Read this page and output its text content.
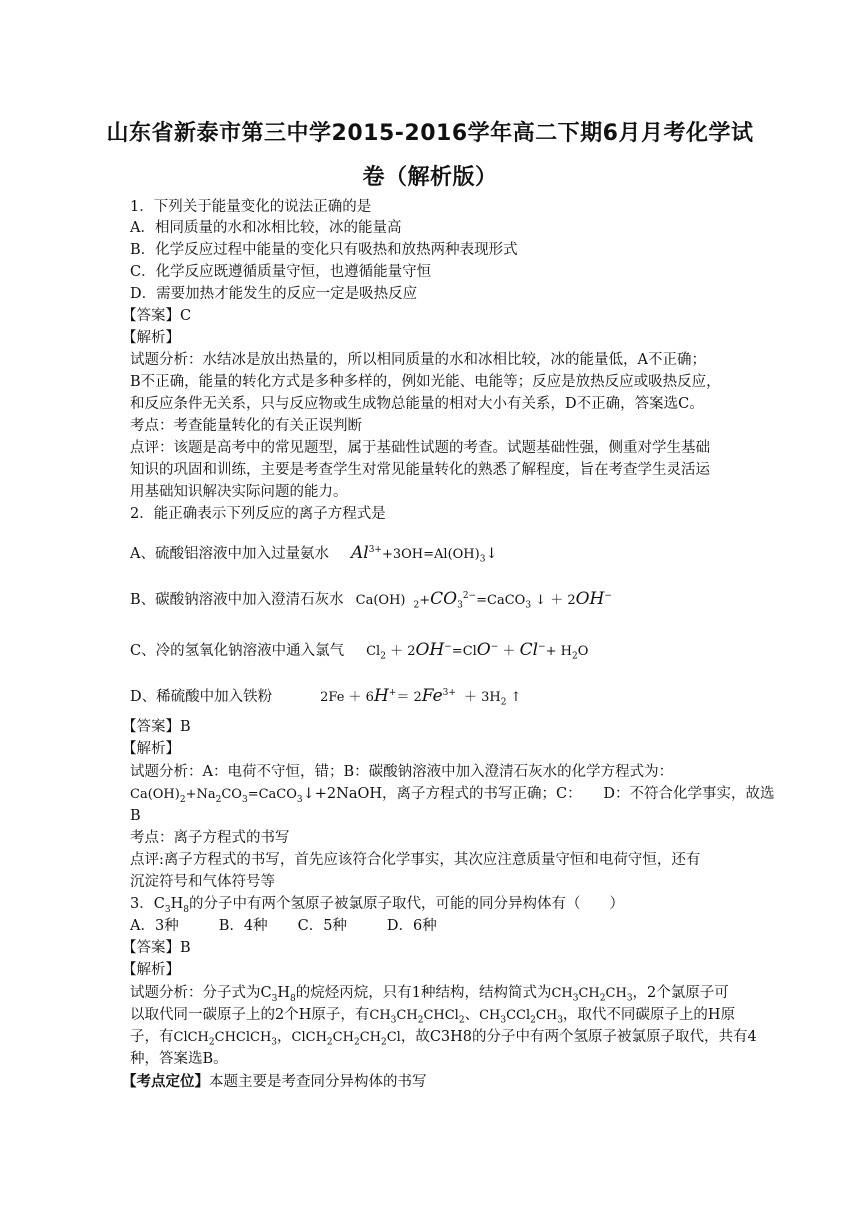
山东省新泰市第三中学2015-2016学年高二下期6月月考化学试
卷（解析版）
1．下列关于能量变化的说法正确的是
A．相同质量的水和冰相比较，冰的能量高
B．化学反应过程中能量的变化只有吸热和放热两种表现形式
C．化学反应既遵循质量守恒，也遵循能量守恒
D．需要加热才能发生的反应一定是吸热反应
【答案】C
【解析】
试题分析：水结冰是放出热量的，所以相同质量的水和冰相比较，冰的能量低，A不正确；
B不正确，能量的转化方式是多种多样的，例如光能、电能等；反应是放热反应或吸热反应，
和反应条件无关系，只与反应物或生成物总能量的相对大小有关系，D不正确，答案选C。
考点：考查能量转化的有关正误判断
点评：该题是高考中的常见题型，属于基础性试题的考查。试题基础性强，侧重对学生基础
知识的巩固和训练，主要是考查学生对常见能量转化的熟悉了解程度，旨在考查学生灵活运
用基础知识解决实际问题的能力。
2．能正确表示下列反应的离子方程式是
A、硫酸铝溶液中加入过量氨水 $Al^{3+}+3OH=Al(OH)_3↓$
B、碳酸钠溶液中加入澄清石灰水 Ca(OH) $_2+CO_3^{2-}=CaCO_3$ ↓ ＋ 2OH−
C、冷的氢氧化钠溶液中通入氯气 $Cl_2 + 2OH^-=ClO^- + Cl^-+ H_2O$
D、稀硫酸中加入铁粉	$2Fe + 6H^+= 2Fe^{3+} + 3H_2$ ↑
【答案】B
【解析】
试题分析：A：电荷不守恒，错；B：碳酸钠溶液中加入澄清石灰水的化学方程式为：
$Ca(OH)_2+Na_2CO_3=CaCO_3↓+2NaOH$，离子方程式的书写正确；C：　　D：不符合化学事实，故选
B
考点：离子方程式的书写
点评:离子方程式的书写，首先应该符合化学事实，其次应注意质量守恒和电荷守恒，还有
沉淀符号和气体符号等
3．$C_3H_8$的分子中有两个氢原子被氯原子取代，可能的同分异构体有（　　）
A．3种	B．4种 C．5种	D．6种
【答案】B
【解析】
试题分析：分子式为$C_3H_8$的烷烃丙烷，只有1种结构，结构简式为$CH_3CH_2CH_3$，2个氯原子可
以取代同一碳原子上的2个H原子，有$CH_3CH_2CHCl_2$、$CH_3CCl_2CH_3$，取代不同碳原子上的H原
子，有ClCH$_2$CHClCH$_3$，$ClCH_2CH_2CH_2Cl$，故C3H8的分子中有两个氢原子被氯原子取代，共有4
种，答案选B。
【考点定位】本题主要是考查同分异构体的书写
